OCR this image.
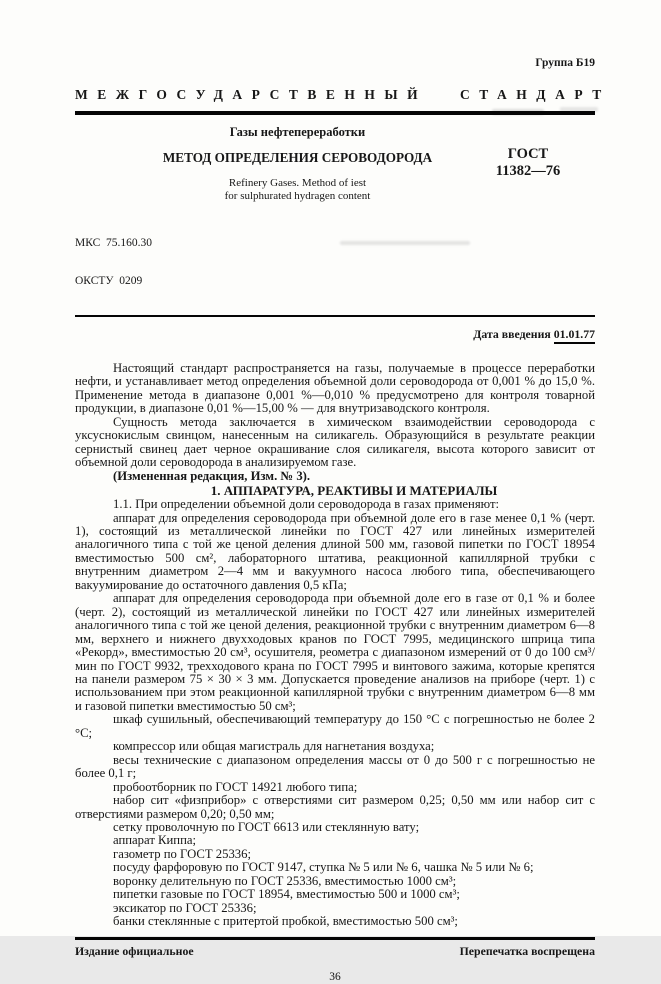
Группа Б19
МЕЖГОСУДАРСТВЕННЫЙ СТАНДАРТ
Газы нефтепереработки
МЕТОД ОПРЕДЕЛЕНИЯ СЕРОВОДОРОДА
Refinery Gases. Method of iest
for sulphurated hydragen content
ГОСТ
11382—76

МКС  75.160.30

ОКСТУ  0209

Дата введения 01.01.77

Настоящий стандарт распространяется на газы, получаемые в процессе переработки нефти, и устанавливает метод определения объемной доли сероводорода от 0,001 % до 15,0 %. Применение метода в диапазоне 0,001 %—0,010 % предусмотрено для контроля товарной продукции, в диапазоне 0,01 %—15,00 % — для внутризаводского контроля.

Сущность метода заключается в химическом взаимодействии сероводорода с уксуснокислым свинцом, нанесенным на силикагель. Образующийся в результате реакции сернистый свинец дает черное окрашивание слоя силикагеля, высота которого зависит от объемной доли сероводорода в анализируемом газе.

(Измененная редакция, Изм. № 3).

1. АППАРАТУРА, РЕАКТИВЫ И МАТЕРИАЛЫ

1.1. При определении объемной доли сероводорода в газах применяют:

аппарат для определения сероводорода при объемной доле его в газе менее 0,1 % (черт. 1), состоящий из металлической линейки по ГОСТ 427 или линейных измерителей аналогичного типа с той же ценой деления длиной 500 мм, газовой пипетки по ГОСТ 18954 вместимостью 500 см², лабораторного штатива, реакционной капиллярной трубки с внутренним диаметром 2—4 мм и вакуумного насоса любого типа, обеспечивающего вакуумирование до остаточного давления 0,5 кПа;

аппарат для определения сероводорода при объемной доле его в газе от 0,1 % и более (черт. 2), состоящий из металлической линейки по ГОСТ 427 или линейных измерителей аналогичного типа с той же ценой деления, реакционной трубки с внутренним диаметром 6—8 мм, верхнего и нижнего двухходовых кранов по ГОСТ 7995, медицинского шприца типа «Рекорд», вместимостью 20 см³, осушителя, реометра с диапазоном измерений от 0 до 100 см³/мин по ГОСТ 9932, трехходового крана по ГОСТ 7995 и винтового зажима, которые крепятся на панели размером 75 × 30 × 3 мм. Допускается проведение анализов на приборе (черт. 1) с использованием при этом реакционной капиллярной трубки с внутренним диаметром 6—8 мм и газовой пипетки вместимостью 50 см³;

шкаф сушильный, обеспечивающий температуру до 150 °С с погрешностью не более 2 °С;

компрессор или общая магистраль для нагнетания воздуха;

весы технические с диапазоном определения массы от 0 до 500 г с погрешностью не более 0,1 г;

пробоотборник по ГОСТ 14921 любого типа;

набор сит «физприбор» с отверстиями сит размером 0,25; 0,50 мм или набор сит с отверстиями размером 0,20; 0,50 мм;

сетку проволочную по ГОСТ 6613 или стеклянную вату;

аппарат Киппа;

газометр по ГОСТ 25336;

посуду фарфоровую по ГОСТ 9147, ступка № 5 или № 6, чашка № 5 или № 6;

воронку делительную по ГОСТ 25336, вместимостью 1000 см³;

пипетки газовые по ГОСТ 18954, вместимостью 500 и 1000 см³;

эксикатор по ГОСТ 25336;

банки стеклянные с притертой пробкой, вместимостью 500 см³;

Издание официальное	Перепечатка воспрещена
36
